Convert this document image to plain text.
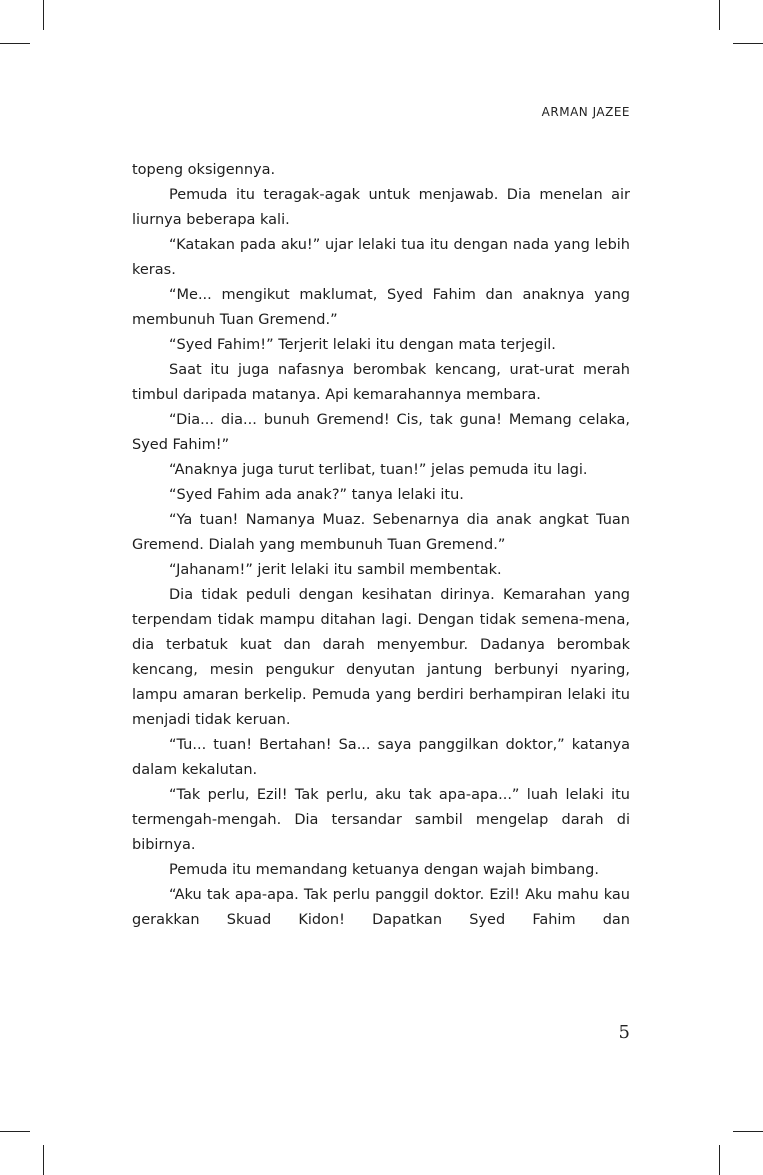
ARMAN JAZEE

topeng oksigennya.

Pemuda itu teragak-agak untuk menjawab. Dia menelan air liurnya beberapa kali.

“Katakan pada aku!” ujar lelaki tua itu dengan nada yang lebih keras.

“Me... mengikut maklumat, Syed Fahim dan anaknya yang membunuh Tuan Gremend.”

“Syed Fahim!” Terjerit lelaki itu dengan mata terjegil.

Saat itu juga nafasnya berombak kencang, urat-urat merah timbul daripada matanya. Api kemarahannya membara.

“Dia... dia... bunuh Gremend! Cis, tak guna! Memang celaka, Syed Fahim!”

“Anaknya juga turut terlibat, tuan!” jelas pemuda itu lagi.

“Syed Fahim ada anak?” tanya lelaki itu.

“Ya tuan! Namanya Muaz. Sebenarnya dia anak angkat Tuan Gremend. Dialah yang membunuh Tuan Gremend.”

“Jahanam!” jerit lelaki itu sambil membentak.

Dia tidak peduli dengan kesihatan dirinya. Kemarahan yang terpendam tidak mampu ditahan lagi. Dengan tidak semena-mena, dia terbatuk kuat dan darah menyembur. Dadanya berombak kencang, mesin pengukur denyutan jantung berbunyi nyaring, lampu amaran berkelip. Pemuda yang berdiri berhampiran lelaki itu menjadi tidak keruan.

“Tu... tuan! Bertahan! Sa... saya panggilkan doktor,” katanya dalam kekalutan.

“Tak perlu, Ezil! Tak perlu, aku tak apa-apa...” luah lelaki itu termengah-mengah. Dia tersandar sambil mengelap darah di bibirnya.

Pemuda itu memandang ketuanya dengan wajah bimbang.

“Aku tak apa-apa. Tak perlu panggil doktor. Ezil! Aku mahu kau gerakkan Skuad Kidon! Dapatkan Syed Fahim dan

5
